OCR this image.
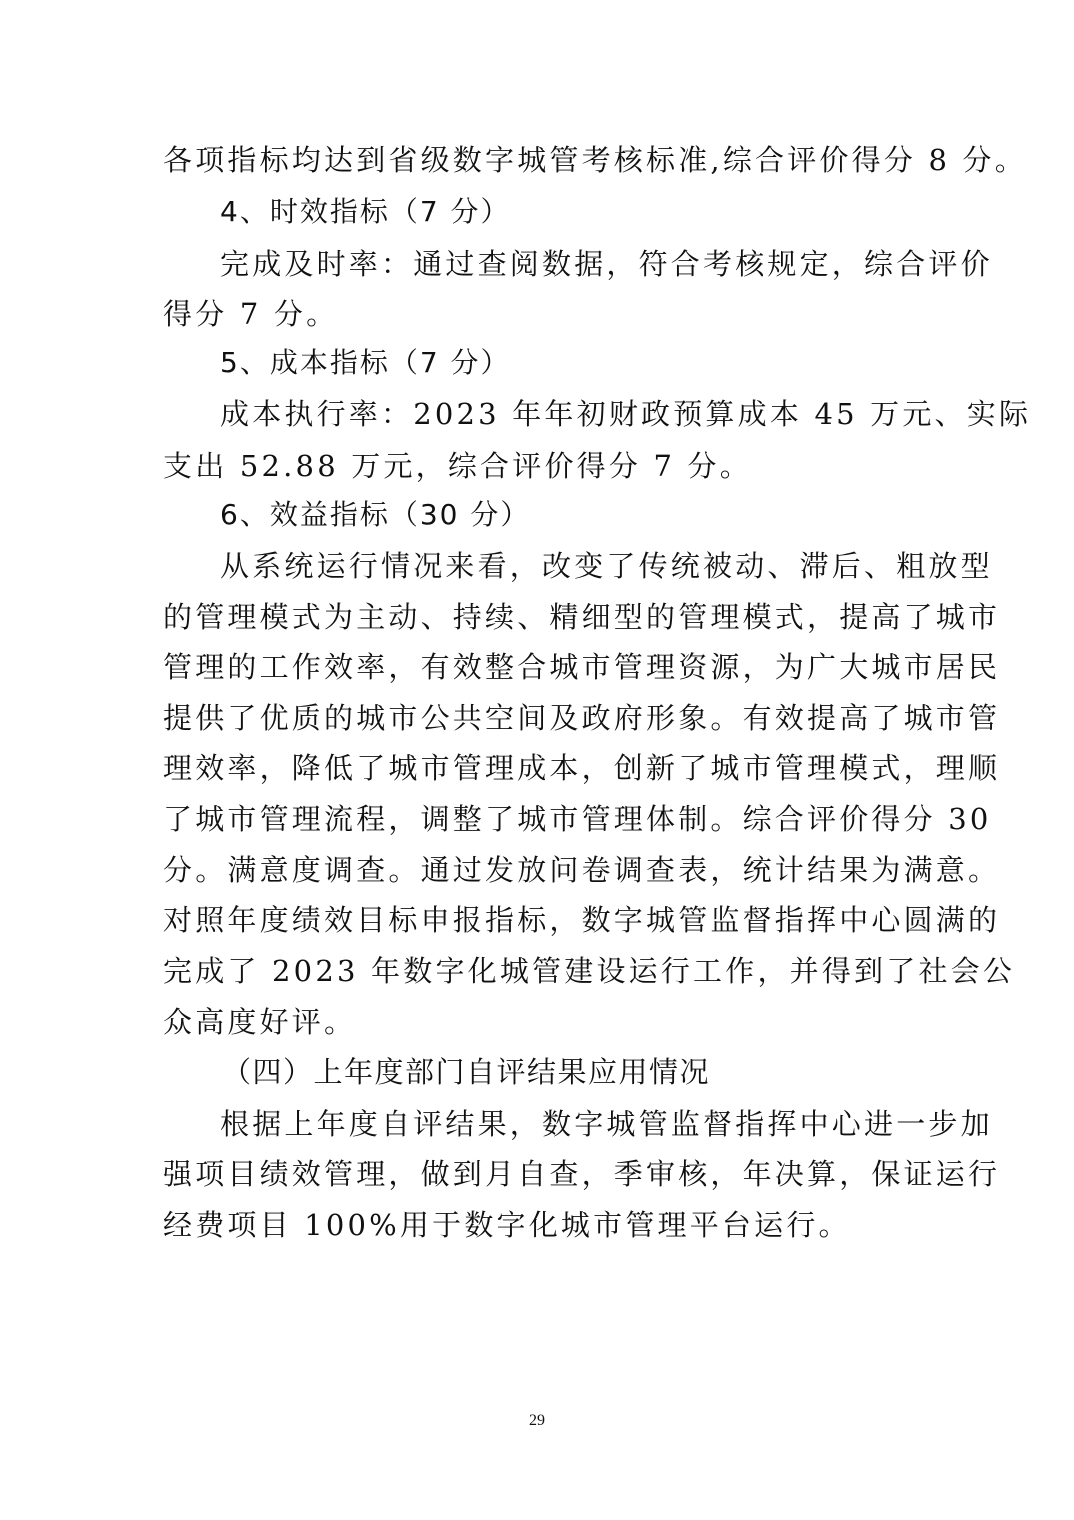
各项指标均达到省级数字城管考核标准,综合评价得分 8 分。
4、时效指标（7 分）
完成及时率：通过查阅数据，符合考核规定，综合评价
得分 7 分。
5、成本指标（7 分）
成本执行率：2023 年年初财政预算成本 45 万元、实际
支出 52.88 万元，综合评价得分 7 分。
6、效益指标（30 分）
从系统运行情况来看，改变了传统被动、滞后、粗放型
的管理模式为主动、持续、精细型的管理模式，提高了城市
管理的工作效率，有效整合城市管理资源，为广大城市居民
提供了优质的城市公共空间及政府形象。有效提高了城市管
理效率，降低了城市管理成本，创新了城市管理模式，理顺
了城市管理流程，调整了城市管理体制。综合评价得分 30
分。满意度调查。通过发放问卷调查表，统计结果为满意。
对照年度绩效目标申报指标，数字城管监督指挥中心圆满的
完成了 2023 年数字化城管建设运行工作，并得到了社会公
众高度好评。
（四）上年度部门自评结果应用情况
根据上年度自评结果，数字城管监督指挥中心进一步加
强项目绩效管理，做到月自查，季审核，年决算，保证运行
经费项目 100%用于数字化城市管理平台运行。
29
